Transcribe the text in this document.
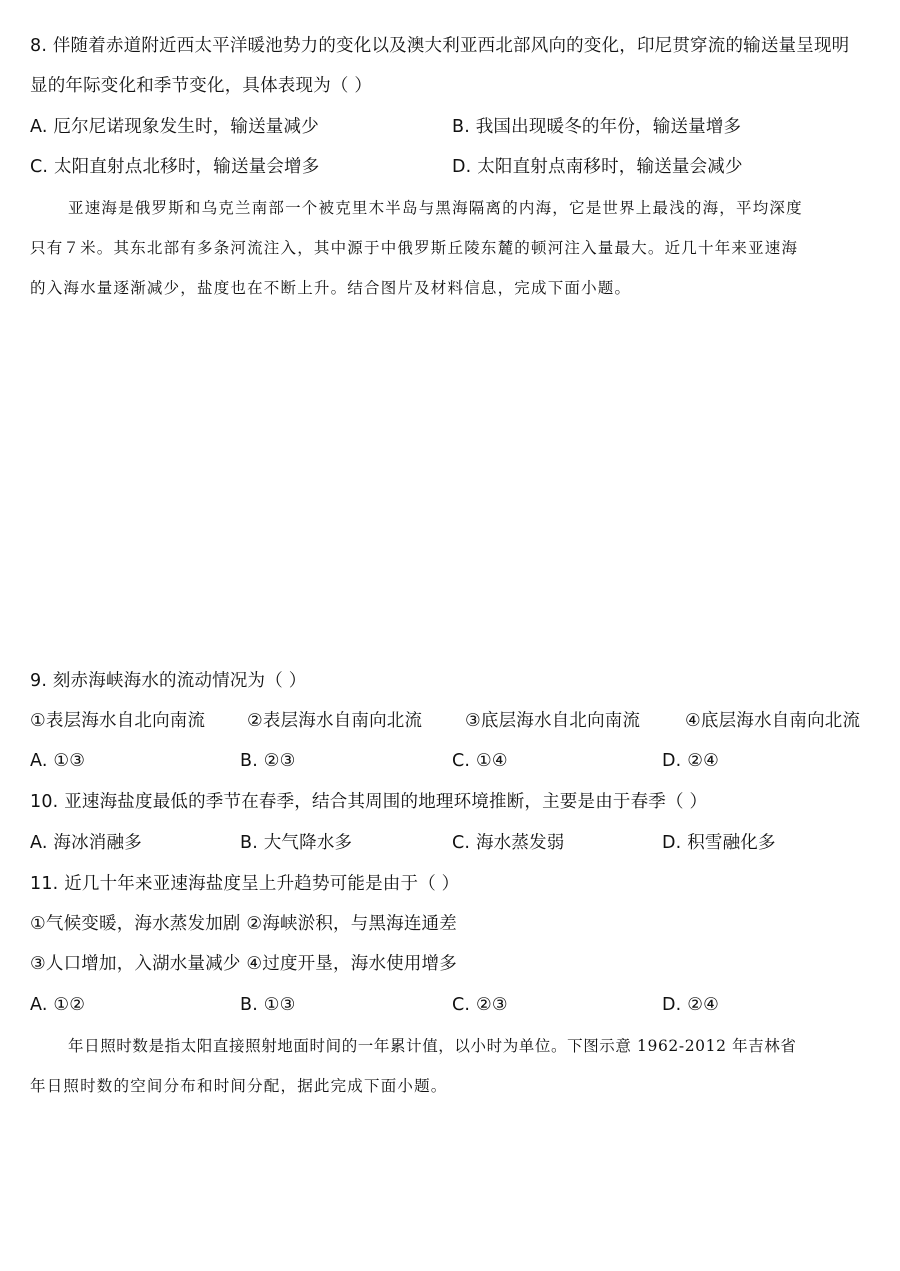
8. 伴随着赤道附近西太平洋暖池势力的变化以及澳大利亚西北部风向的变化，印尼贯穿流的输送量呈现明
显的年际变化和季节变化，具体表现为（ ）
A. 厄尔尼诺现象发生时，输送量减少	B. 我国出现暖冬的年份，输送量增多
C. 太阳直射点北移时，输送量会增多	D. 太阳直射点南移时，输送量会减少
亚速海是俄罗斯和乌克兰南部一个被克里木半岛与黑海隔离的内海，它是世界上最浅的海，平均深度
只有７米。其东北部有多条河流注入，其中源于中俄罗斯丘陵东麓的顿河注入量最大。近几十年来亚速海
的入海水量逐渐减少，盐度也在不断上升。结合图片及材料信息，完成下面小题。
9. 刻赤海峡海水的流动情况为（ ）
①表层海水自北向南流 ②表层海水自南向北流 ③底层海水自北向南流	④底层海水自南向北流
A. ①③	B. ②③	C. ①④	D. ②④
10. 亚速海盐度最低的季节在春季，结合其周围的地理环境推断，主要是由于春季（ ）
A. 海冰消融多	B. 大气降水多	C. 海水蒸发弱	D. 积雪融化多
11. 近几十年来亚速海盐度呈上升趋势可能是由于（ ）
①气候变暖，海水蒸发加剧 ②海峡淤积，与黑海连通差
③人口增加，入湖水量减少 ④过度开垦，海水使用增多
A. ①②	B. ①③	C. ②③	D. ②④
年日照时数是指太阳直接照射地面时间的一年累计值，以小时为单位。下图示意 1962-2012 年吉林省
年日照时数的空间分布和时间分配，据此完成下面小题。
